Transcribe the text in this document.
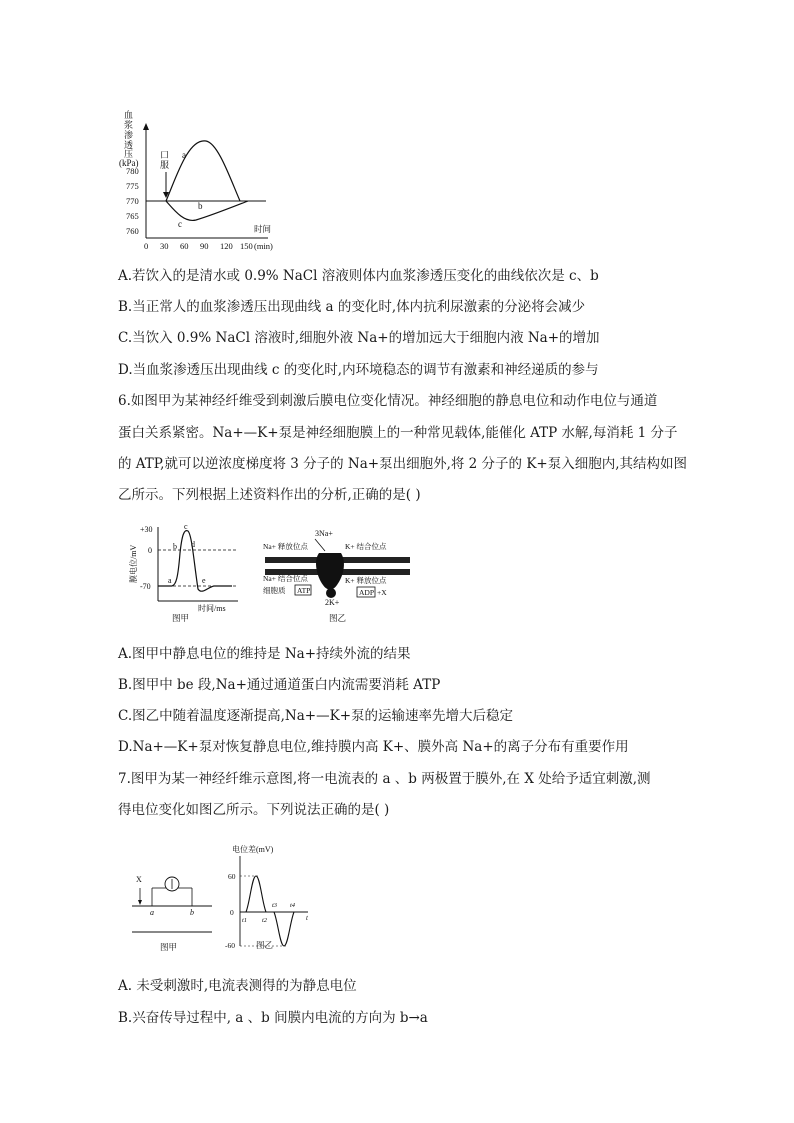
血
浆
渗
透
压
(kPa)
780
775
770
765
760
a
b
c
口
服
0 30 60 90 120 150
时间
(min)
A.若饮入的是清水或 0.9% NaCl 溶液则体内血浆渗透压变化的曲线依次是 c、b
B.当正常人的血浆渗透压出现曲线 a 的变化时,体内抗利尿激素的分泌将会减少
C.当饮入 0.9% NaCl 溶液时,细胞外液 Na+的增加远大于细胞内液 Na+的增加
D.当血浆渗透压出现曲线 c 的变化时,内环境稳态的调节有激素和神经递质的参与
6.如图甲为某神经纤维受到刺激后膜电位变化情况。神经细胞的静息电位和动作电位与通道
蛋白关系紧密。Na+—K+泵是神经细胞膜上的一种常见载体,能催化 ATP 水解,每消耗 1 分子
的 ATP,就可以逆浓度梯度将 3 分子的 Na+泵出细胞外,将 2 分子的 K+泵入细胞内,其结构如图
乙所示。下列根据上述资料作出的分析,正确的是( )
膜电位/mV
+30
0
-70
a
b
c
d
e
时间/ms
图甲
3Na+
Na+ 释放位点	K+ 结合位点
Na+ 结合位点	K+ 释放位点
细胞质 ATP	ADP +X
2K+
图乙
A.图甲中静息电位的维持是 Na+持续外流的结果
B.图甲中 be 段,Na+通过通道蛋白内流需要消耗 ATP
C.图乙中随着温度逐渐提高,Na+—K+泵的运输速率先增大后稳定
D.Na+—K+泵对恢复静息电位,维持膜内高 K+、膜外高 Na+的离子分布有重要作用
7.图甲为某一神经纤维示意图,将一电流表的 a 、b 两极置于膜外,在 X 处给予适宜刺激,测
得电位变化如图乙所示。下列说法正确的是( )
X
a	b
图甲
电位差(mV)
60
0
-60
t1 t2
t3 t4
t
图乙
A. 未受刺激时,电流表测得的为静息电位
B.兴奋传导过程中, a 、b 间膜内电流的方向为 b→a
